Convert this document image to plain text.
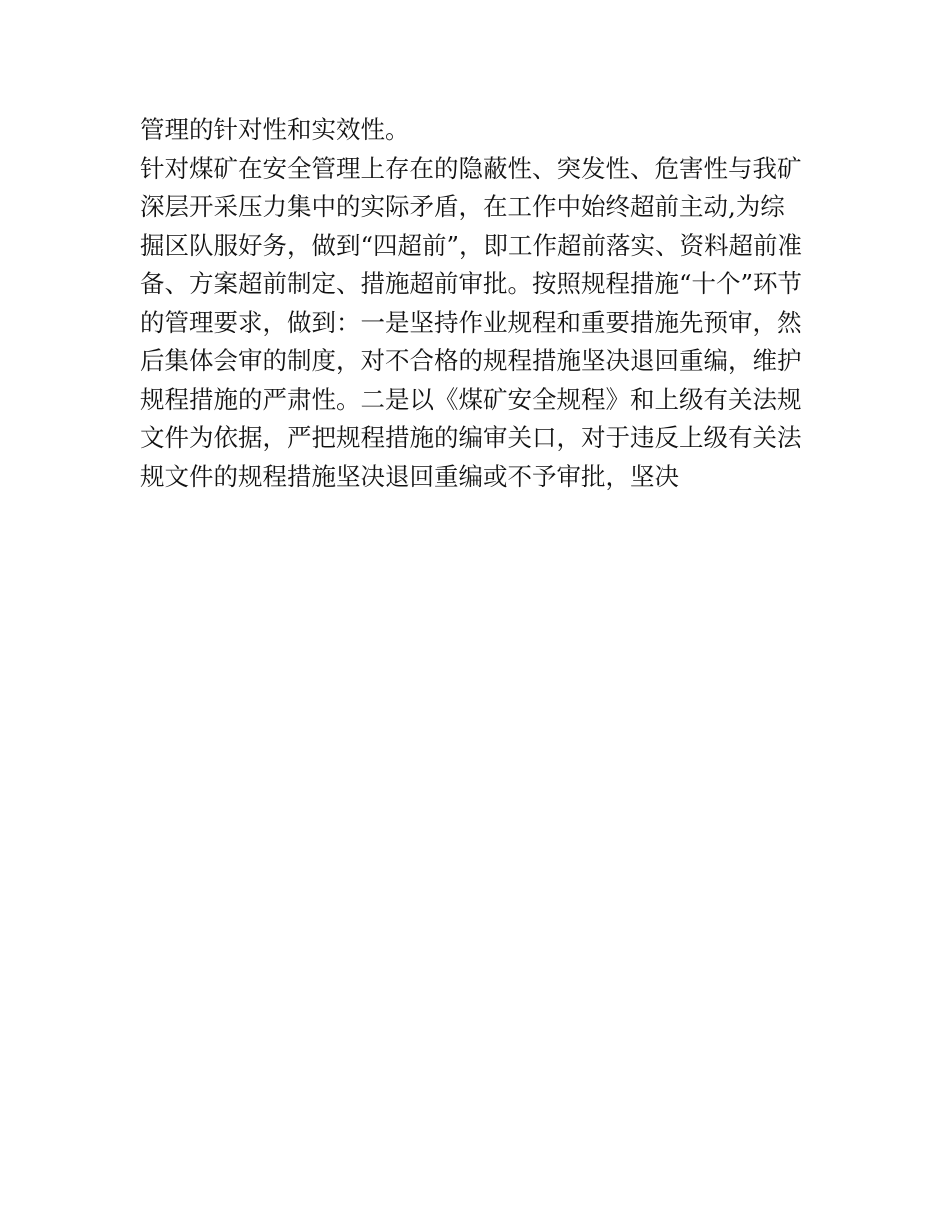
管理的针对性和实效性。
针对煤矿在安全管理上存在的隐蔽性、突发性、危害性与我矿
深层开采压力集中的实际矛盾，在工作中始终超前主动,为综
掘区队服好务，做到“四超前”，即工作超前落实、资料超前准
备、方案超前制定、措施超前审批。按照规程措施“十个”环节
的管理要求，做到：一是坚持作业规程和重要措施先预审，然
后集体会审的制度，对不合格的规程措施坚决退回重编，维护
规程措施的严肃性。二是以《煤矿安全规程》和上级有关法规
文件为依据，严把规程措施的编审关口，对于违反上级有关法
规文件的规程措施坚决退回重编或不予审批，坚决
